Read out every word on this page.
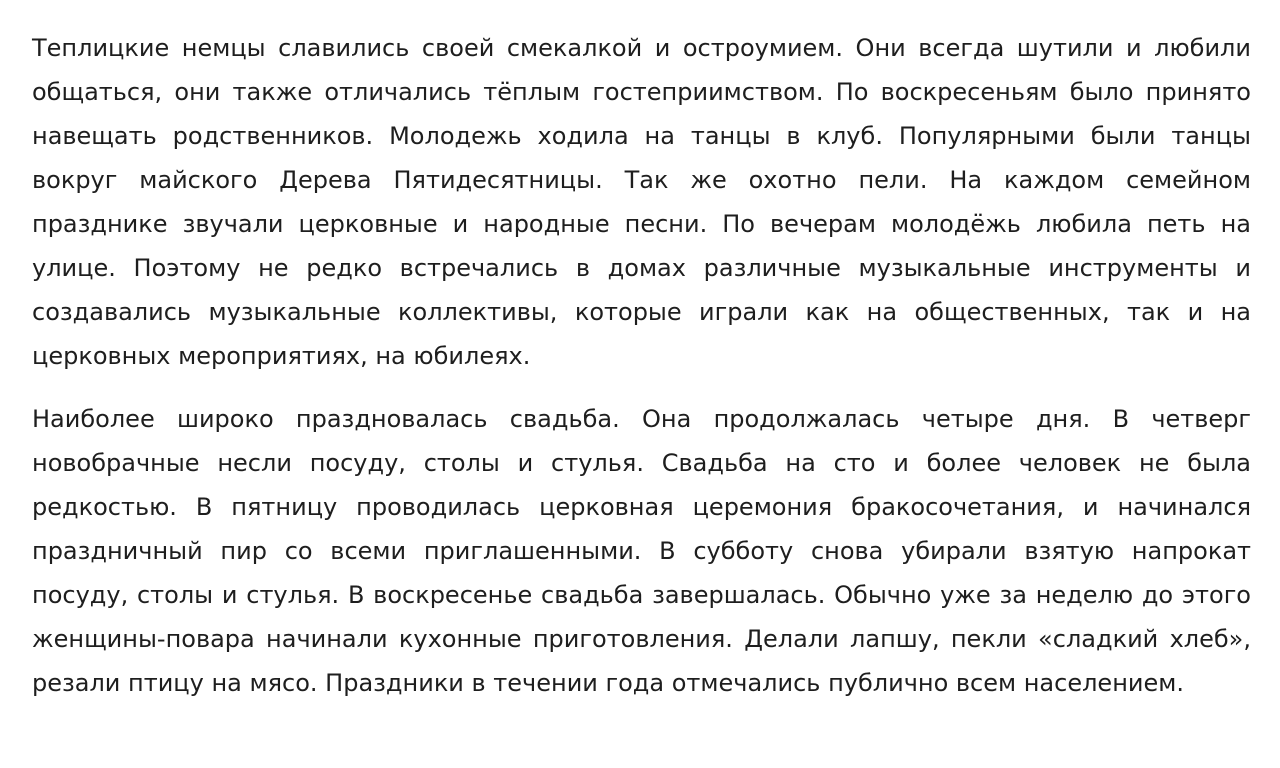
Теплицкие немцы славились своей смекалкой и остроумием. Они всегда шутили и любили общаться, они также отличались тёплым гостеприимством. По воскресеньям было принято навещать родственников. Молодежь ходила на танцы в клуб. Популярными были танцы вокруг майского Дерева Пятидесятницы. Так же охотно пели. На каждом семейном празднике звучали церковные и народные песни. По вечерам молодёжь любила петь на улице. Поэтому не редко встречались в домах различные музыкальные инструменты и создавались музыкальные коллективы, которые играли как на общественных, так и на церковных мероприятиях, на юбилеях.

Наиболее широко праздновалась свадьба. Она продолжалась четыре дня. В четверг новобрачные несли посуду, столы и стулья. Свадьба на сто и более человек не была редкостью. В пятницу проводилась церковная церемония бракосочетания, и начинался праздничный пир со всеми приглашенными. В субботу снова убирали взятую напрокат посуду, столы и стулья. В воскресенье свадьба завершалась. Обычно уже за неделю до этого женщины-повара начинали кухонные приготовления. Делали лапшу, пекли «сладкий хлеб», резали птицу на мясо. Праздники в течении года отмечались публично всем населением.
